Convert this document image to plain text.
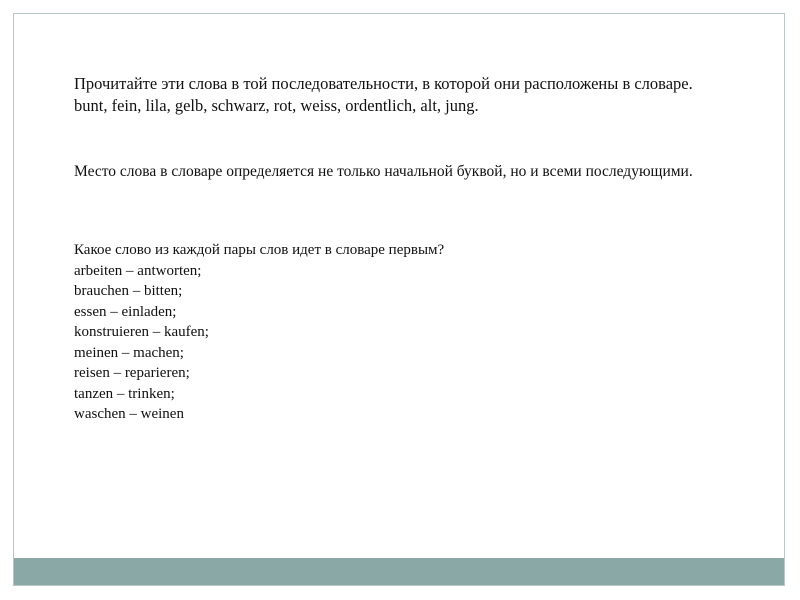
Прочитайте эти слова в той последовательности, в которой они расположены в словаре.
bunt, fein, lila, gelb, schwarz, rot, weiss, ordentlich, alt, jung.
Место слова в словаре определяется не только начальной буквой, но и всеми последующими.
Какое слово из каждой пары слов идет в словаре первым?
arbeiten – antworten;
brauchen – bitten;
essen – einladen;
konstruieren – kaufen;
meinen – machen;
reisen – reparieren;
tanzen – trinken;
waschen – weinen
